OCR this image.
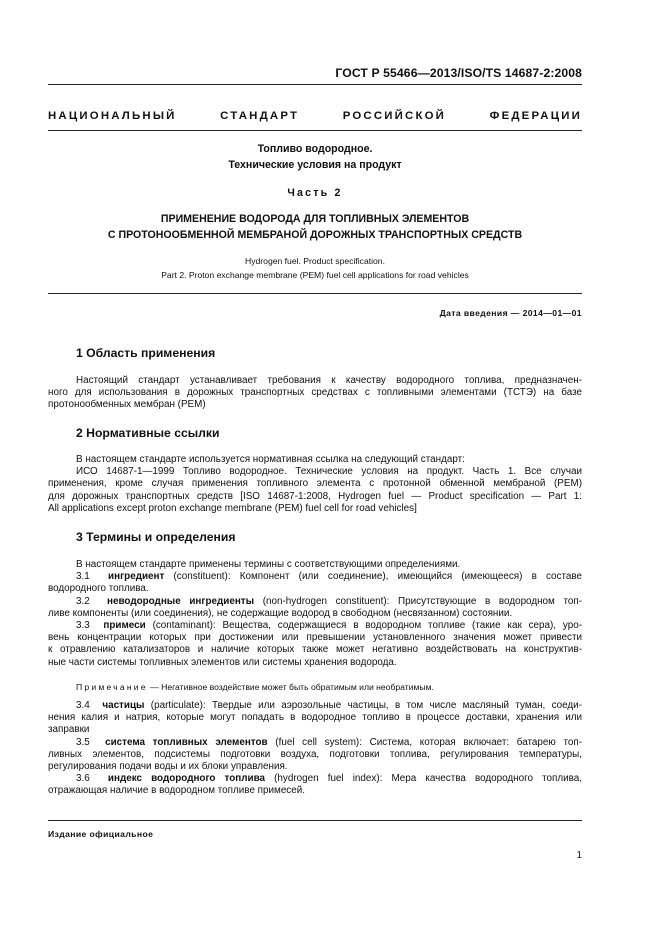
ГОСТ Р 55466—2013/ISO/TS 14687-2:2008
НАЦИОНАЛЬНЫЙ	СТАНДАРТ	РОССИЙСКОЙ	ФЕДЕРАЦИИ
Топливо водородное.
Технические условия на продукт
Часть 2
ПРИМЕНЕНИЕ ВОДОРОДА ДЛЯ ТОПЛИВНЫХ ЭЛЕМЕНТОВ
С ПРОТОНООБМЕННОЙ МЕМБРАНОЙ ДОРОЖНЫХ ТРАНСПОРТНЫХ СРЕДСТВ
Hydrogen fuel. Product specification.
Part 2. Proton exchange membrane (PEM) fuel cell applications for road vehicles
Дата введения — 2014—01—01
1 Область применения
Настоящий стандарт устанавливает требования к качеству водородного топлива, предназначен-
ного для использования в дорожных транспортных средствах с топливными элементами (ТСТЭ) на базе
протонообменных мембран (РЕМ)
2 Нормативные ссылки
В настоящем стандарте используется нормативная ссылка на следующий стандарт:
ИСО 14687-1—1999 Топливо водородное. Технические условия на продукт. Часть 1. Все случаи
применения, кроме случая применения топливного элемента с протонной обменной мембраной (PEM)
для дорожных транспортных средств [ISO 14687-1:2008, Hydrogen fuel — Product specification — Part 1:
All applications except proton exchange membrane (PEM) fuel cell for road vehicles]
3 Термины и определения
В настоящем стандарте применены термины с соответствующими определениями.
3.1 ингредиент (constituent): Компонент (или соединение), имеющийся (имеющееся) в составе
водородного топлива.
3.2 неводородные ингредиенты (non-hydrogen constituent): Присутствующие в водородном топ-
ливе компоненты (или соединения), не содержащие водород в свободном (несвязанном) состоянии.
3.3 примеси (contaminant): Вещества, содержащиеся в водородном топливе (такие как сера), уро-
вень концентрации которых при достижении или превышении установленного значения может привести
к отравлению катализаторов и наличие которых также может негативно воздействовать на конструктив-
ные части системы топливных элементов или системы хранения водорода.
Примечание — Негативное воздействие может быть обратимым или необратимым.
3.4 частицы (particulate): Твердые или аэрозольные частицы, в том числе масляный туман, соеди-
нения калия и натрия, которые могут попадать в водородное топливо в процессе доставки, хранения или
заправки
3.5 система топливных элементов (fuel cell system): Система, которая включает: батарею топ-
ливных элементов, подсистемы подготовки воздуха, подготовки топлива, регулирования температуры,
регулирования подачи воды и их блоки управления.
3.6 индекс водородного топлива (hydrogen fuel index): Мера качества водородного топлива,
отражающая наличие в водородном топливе примесей.
Издание официальное
1
